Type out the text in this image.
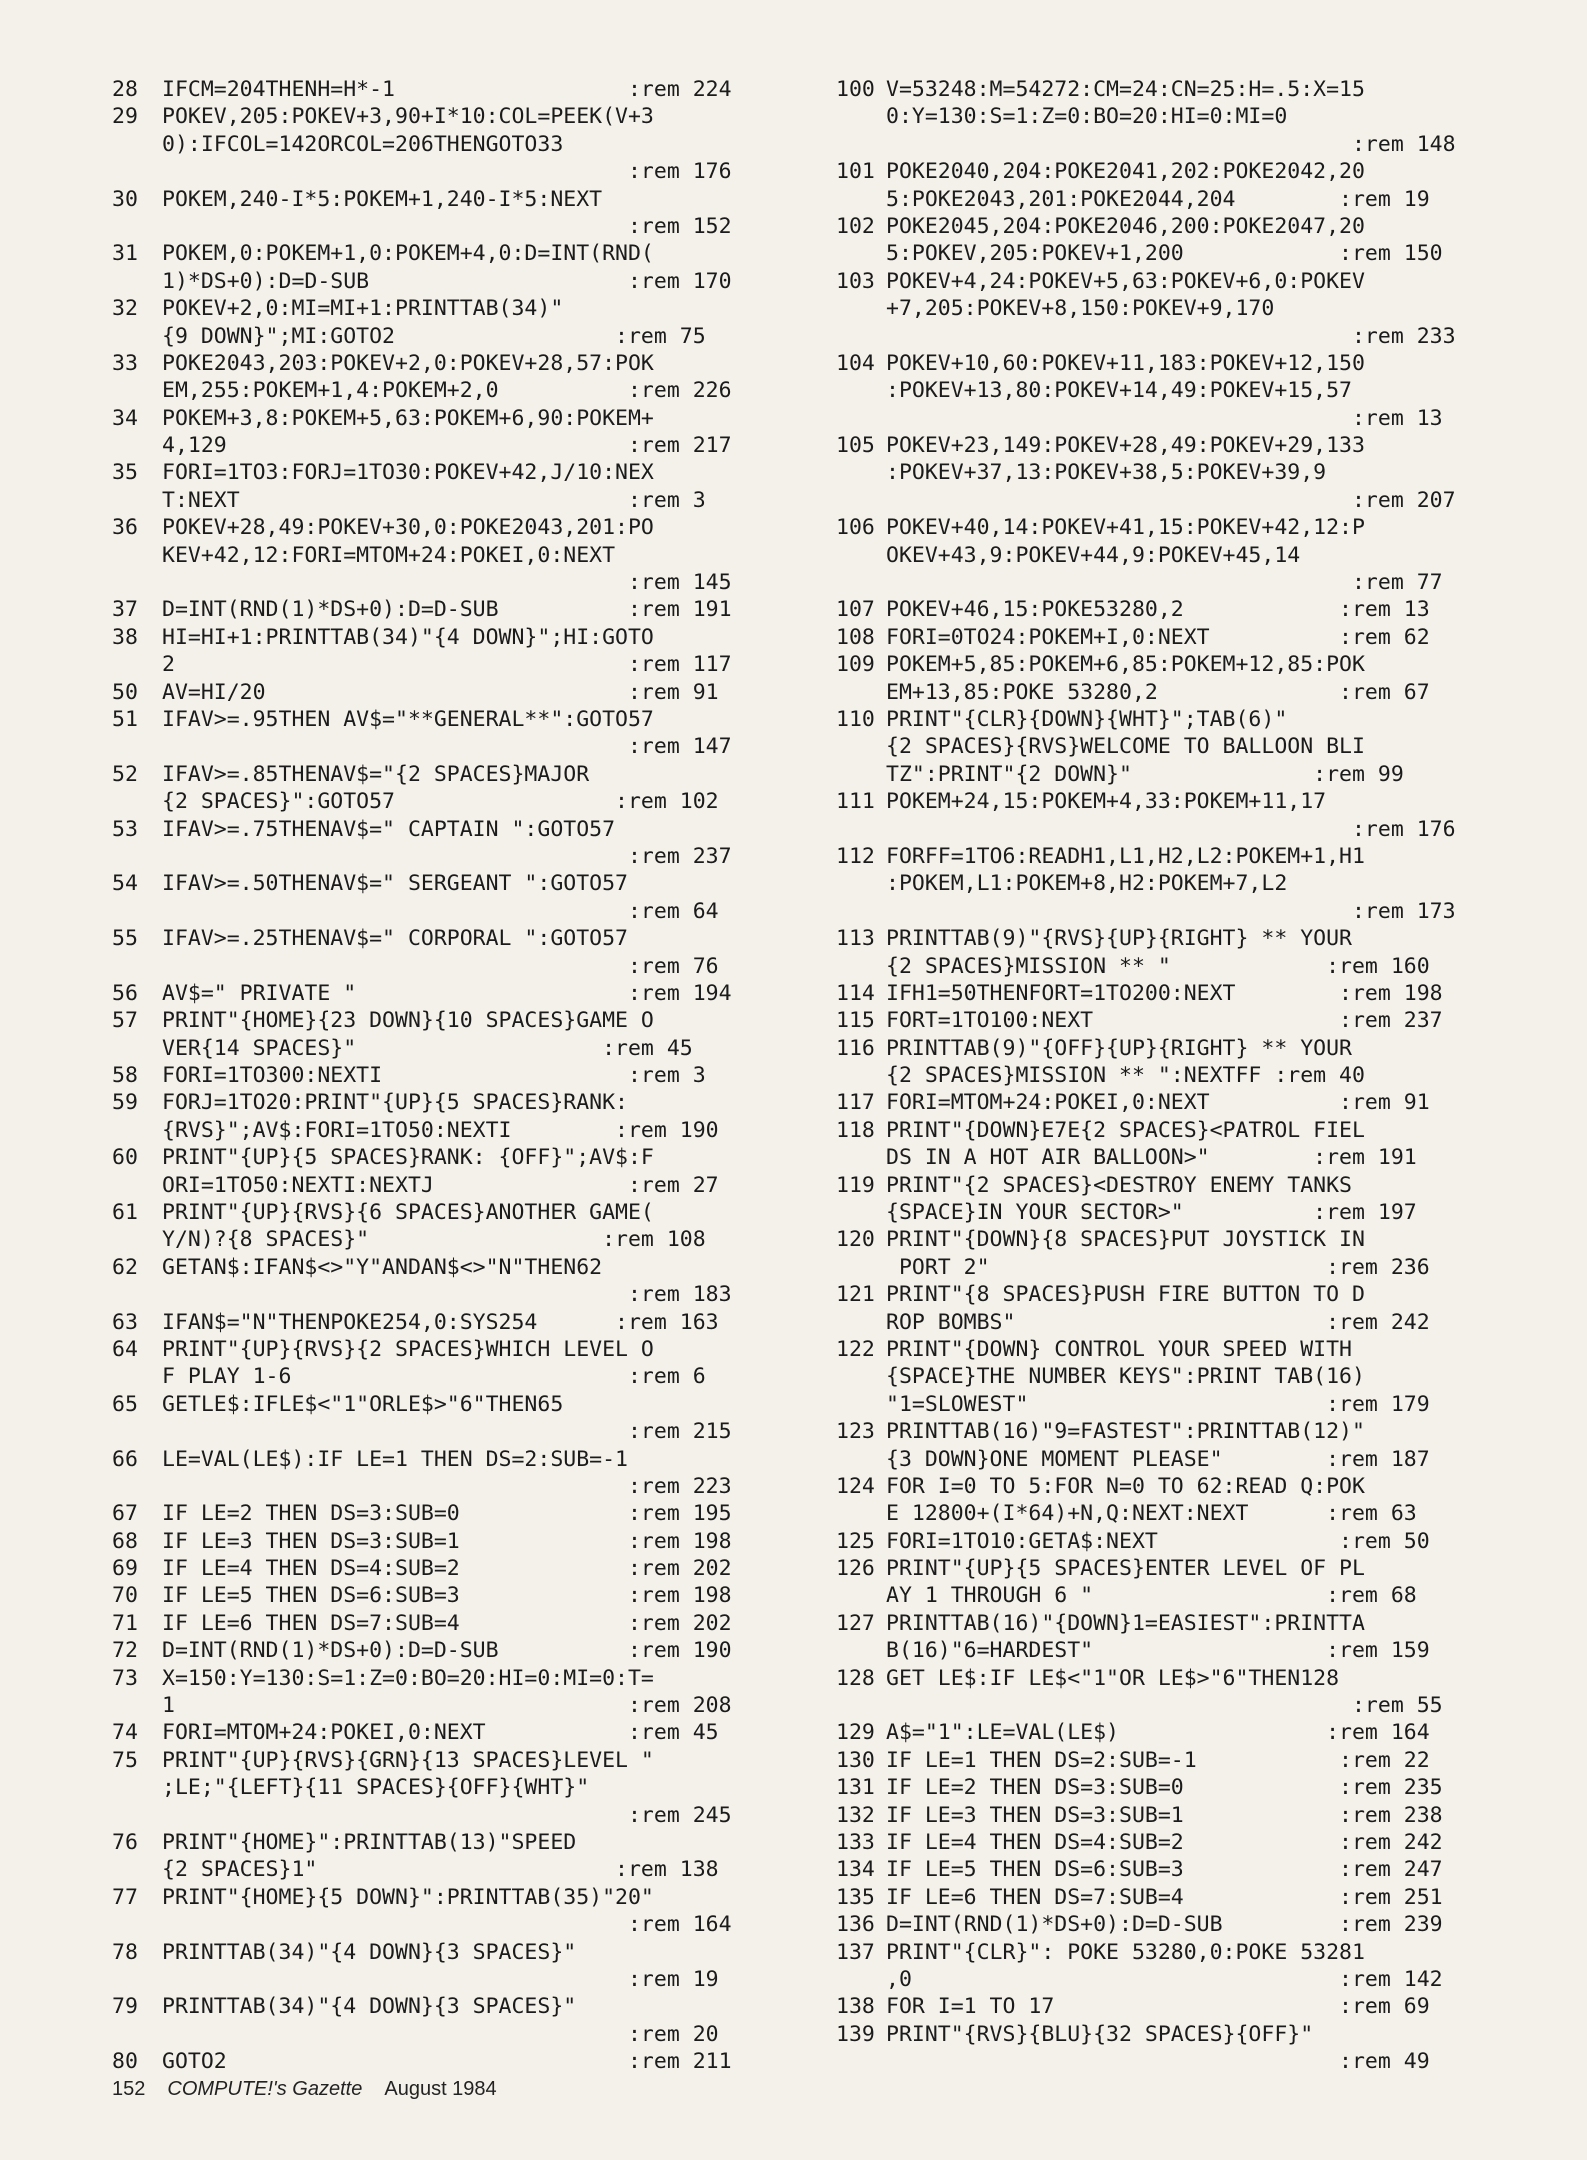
28	IFCM=204THENH=H*-1                  :rem 224
29	POKEV,205:POKEV+3,90+I*10:COL=PEEK(V+3
0):IFCOL=142ORCOL=206THENGOTO33
:rem 176
30	POKEM,240-I*5:POKEM+1,240-I*5:NEXT
:rem 152
31	POKEM,0:POKEM+1,0:POKEM+4,0:D=INT(RND(
1)*DS+0):D=D-SUB                    :rem 170
32	POKEV+2,0:MI=MI+1:PRINTTAB(34)"
{9 DOWN}";MI:GOTO2                 :rem 75
33	POKE2043,203:POKEV+2,0:POKEV+28,57:POK
EM,255:POKEM+1,4:POKEM+2,0          :rem 226
34	POKEM+3,8:POKEM+5,63:POKEM+6,90:POKEM+
4,129                               :rem 217
35	FORI=1TO3:FORJ=1TO30:POKEV+42,J/10:NEX
T:NEXT                              :rem 3
36	POKEV+28,49:POKEV+30,0:POKE2043,201:PO
KEV+42,12:FORI=MTOM+24:POKEI,0:NEXT
:rem 145
37	D=INT(RND(1)*DS+0):D=D-SUB          :rem 191
38	HI=HI+1:PRINTTAB(34)"{4 DOWN}";HI:GOTO
2                                   :rem 117
50	AV=HI/20                            :rem 91
51	IFAV>=.95THEN AV$="**GENERAL**":GOTO57
:rem 147
52	IFAV>=.85THENAV$="{2 SPACES}MAJOR
{2 SPACES}":GOTO57                 :rem 102
53	IFAV>=.75THENAV$=" CAPTAIN ":GOTO57
:rem 237
54	IFAV>=.50THENAV$=" SERGEANT ":GOTO57
:rem 64
55	IFAV>=.25THENAV$=" CORPORAL ":GOTO57
:rem 76
56	AV$=" PRIVATE "                     :rem 194
57	PRINT"{HOME}{23 DOWN}{10 SPACES}GAME O
VER{14 SPACES}"                   :rem 45
58	FORI=1TO300:NEXTI                   :rem 3
59	FORJ=1TO20:PRINT"{UP}{5 SPACES}RANK:
{RVS}";AV$:FORI=1TO50:NEXTI        :rem 190
60	PRINT"{UP}{5 SPACES}RANK: {OFF}";AV$:F
ORI=1TO50:NEXTI:NEXTJ               :rem 27
61	PRINT"{UP}{RVS}{6 SPACES}ANOTHER GAME(
Y/N)?{8 SPACES}"                  :rem 108
62	GETAN$:IFAN$<>"Y"ANDAN$<>"N"THEN62
:rem 183
63	IFAN$="N"THENPOKE254,0:SYS254      :rem 163
64	PRINT"{UP}{RVS}{2 SPACES}WHICH LEVEL O
F PLAY 1-6                          :rem 6
65	GETLE$:IFLE$<"1"ORLE$>"6"THEN65
:rem 215
66	LE=VAL(LE$):IF LE=1 THEN DS=2:SUB=-1
:rem 223
67	IF LE=2 THEN DS=3:SUB=0             :rem 195
68	IF LE=3 THEN DS=3:SUB=1             :rem 198
69	IF LE=4 THEN DS=4:SUB=2             :rem 202
70	IF LE=5 THEN DS=6:SUB=3             :rem 198
71	IF LE=6 THEN DS=7:SUB=4             :rem 202
72	D=INT(RND(1)*DS+0):D=D-SUB          :rem 190
73	X=150:Y=130:S=1:Z=0:BO=20:HI=0:MI=0:T=
1                                   :rem 208
74	FORI=MTOM+24:POKEI,0:NEXT           :rem 45
75	PRINT"{UP}{RVS}{GRN}{13 SPACES}LEVEL "
;LE;"{LEFT}{11 SPACES}{OFF}{WHT}"
:rem 245
76	PRINT"{HOME}":PRINTTAB(13)"SPEED
{2 SPACES}1"                       :rem 138
77	PRINT"{HOME}{5 DOWN}":PRINTTAB(35)"20"
:rem 164
78	PRINTTAB(34)"{4 DOWN}{3 SPACES}"
:rem 19
79	PRINTTAB(34)"{4 DOWN}{3 SPACES}"
:rem 20
80	GOTO2                               :rem 211
100 V=53248:M=54272:CM=24:CN=25:H=.5:X=15
0:Y=130:S=1:Z=0:BO=20:HI=0:MI=0
:rem 148
101 POKE2040,204:POKE2041,202:POKE2042,20
5:POKE2043,201:POKE2044,204        :rem 19
102 POKE2045,204:POKE2046,200:POKE2047,20
5:POKEV,205:POKEV+1,200            :rem 150
103 POKEV+4,24:POKEV+5,63:POKEV+6,0:POKEV
+7,205:POKEV+8,150:POKEV+9,170
:rem 233
104 POKEV+10,60:POKEV+11,183:POKEV+12,150
:POKEV+13,80:POKEV+14,49:POKEV+15,57
:rem 13
105 POKEV+23,149:POKEV+28,49:POKEV+29,133
:POKEV+37,13:POKEV+38,5:POKEV+39,9
:rem 207
106 POKEV+40,14:POKEV+41,15:POKEV+42,12:P
OKEV+43,9:POKEV+44,9:POKEV+45,14
:rem 77
107 POKEV+46,15:POKE53280,2            :rem 13
108 FORI=0TO24:POKEM+I,0:NEXT          :rem 62
109 POKEM+5,85:POKEM+6,85:POKEM+12,85:POK
EM+13,85:POKE 53280,2              :rem 67
110 PRINT"{CLR}{DOWN}{WHT}";TAB(6)"
{2 SPACES}{RVS}WELCOME TO BALLOON BLI
TZ":PRINT"{2 DOWN}"              :rem 99
111 POKEM+24,15:POKEM+4,33:POKEM+11,17
:rem 176
112 FORFF=1TO6:READH1,L1,H2,L2:POKEM+1,H1
:POKEM,L1:POKEM+8,H2:POKEM+7,L2
:rem 173
113 PRINTTAB(9)"{RVS}{UP}{RIGHT} ** YOUR
{2 SPACES}MISSION ** "            :rem 160
114 IFH1=50THENFORT=1TO200:NEXT        :rem 198
115 FORT=1TO100:NEXT                   :rem 237
116 PRINTTAB(9)"{OFF}{UP}{RIGHT} ** YOUR
{2 SPACES}MISSION ** ":NEXTFF :rem 40
117 FORI=MTOM+24:POKEI,0:NEXT          :rem 91
118 PRINT"{DOWN}E7E{2 SPACES}<PATROL FIEL
DS IN A HOT AIR BALLOON>"        :rem 191
119 PRINT"{2 SPACES}<DESTROY ENEMY TANKS
{SPACE}IN YOUR SECTOR>"          :rem 197
120 PRINT"{DOWN}{8 SPACES}PUT JOYSTICK IN
PORT 2"                          :rem 236
121 PRINT"{8 SPACES}PUSH FIRE BUTTON TO D
ROP BOMBS"                        :rem 242
122 PRINT"{DOWN} CONTROL YOUR SPEED WITH
{SPACE}THE NUMBER KEYS":PRINT TAB(16)
"1=SLOWEST"                       :rem 179
123 PRINTTAB(16)"9=FASTEST":PRINTTAB(12)"
{3 DOWN}ONE MOMENT PLEASE"        :rem 187
124 FOR I=0 TO 5:FOR N=0 TO 62:READ Q:POK
E 12800+(I*64)+N,Q:NEXT:NEXT      :rem 63
125 FORI=1TO10:GETA$:NEXT              :rem 50
126 PRINT"{UP}{5 SPACES}ENTER LEVEL OF PL
AY 1 THROUGH 6 "                  :rem 68
127 PRINTTAB(16)"{DOWN}1=EASIEST":PRINTTA
B(16)"6=HARDEST"                  :rem 159
128 GET LE$:IF LE$<"1"OR LE$>"6"THEN128
:rem 55
129 A$="1":LE=VAL(LE$)                :rem 164
130 IF LE=1 THEN DS=2:SUB=-1           :rem 22
131 IF LE=2 THEN DS=3:SUB=0            :rem 235
132 IF LE=3 THEN DS=3:SUB=1            :rem 238
133 IF LE=4 THEN DS=4:SUB=2            :rem 242
134 IF LE=5 THEN DS=6:SUB=3            :rem 247
135 IF LE=6 THEN DS=7:SUB=4            :rem 251
136 D=INT(RND(1)*DS+0):D=D-SUB         :rem 239
137 PRINT"{CLR}": POKE 53280,0:POKE 53281
,0                                 :rem 142
138 FOR I=1 TO 17                      :rem 69
139 PRINT"{RVS}{BLU}{32 SPACES}{OFF}"
:rem 49
152 COMPUTE!'s Gazette August 1984
